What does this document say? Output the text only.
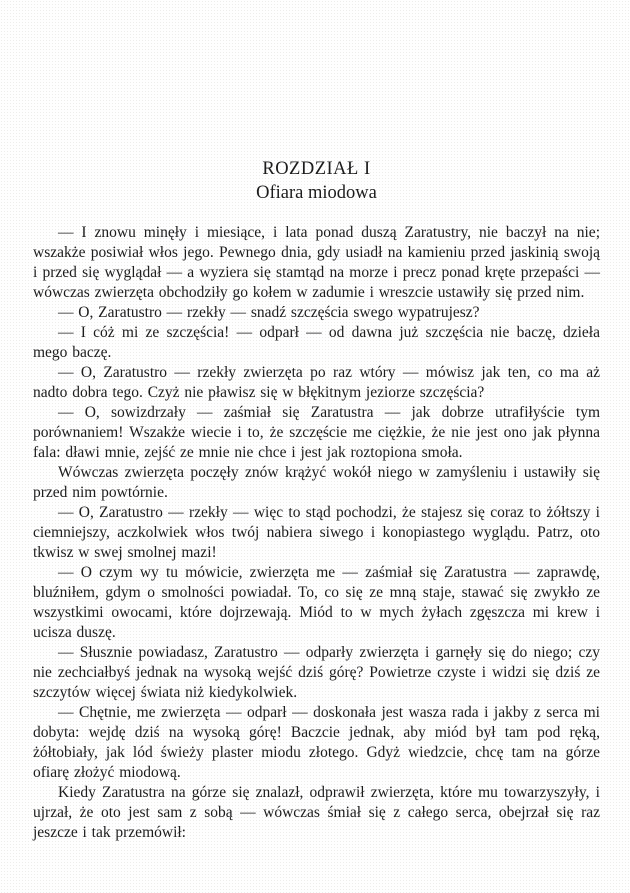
ROZDZIAŁ I
Ofiara miodowa

— I znowu minęły i miesiące, i lata ponad duszą Zaratustry, nie baczył na nie; wszakże posiwiał włos jego. Pewnego dnia, gdy usiadł na kamieniu przed jaskinią swoją i przed się wyglądał — a wyziera się stamtąd na morze i precz ponad kręte przepaści — wówczas zwierzęta obchodziły go kołem w zadumie i wreszcie ustawiły się przed nim.

— O, Zaratustro — rzekły — snadź szczęścia swego wypatrujesz?

— I cóż mi ze szczęścia! — odparł — od dawna już szczęścia nie baczę, dzieła mego baczę.

— O, Zaratustro — rzekły zwierzęta po raz wtóry — mówisz jak ten, co ma aż nadto dobra tego. Czyż nie pławisz się w błękitnym jeziorze szczęścia?

— O, sowizdrzały — zaśmiał się Zaratustra — jak dobrze utrafiłyście tym porównaniem! Wszakże wiecie i to, że szczęście me ciężkie, że nie jest ono jak płynna fala: dławi mnie, zejść ze mnie nie chce i jest jak roztopiona smoła.

Wówczas zwierzęta poczęły znów krążyć wokół niego w zamyśleniu i ustawiły się przed nim powtórnie.

— O, Zaratustro — rzekły — więc to stąd pochodzi, że stajesz się coraz to żółtszy i ciemniejszy, aczkolwiek włos twój nabiera siwego i konopiastego wyglądu. Patrz, oto tkwisz w swej smolnej mazi!

— O czym wy tu mówicie, zwierzęta me — zaśmiał się Zaratustra — zaprawdę, bluźniłem, gdym o smolności powiadał. To, co się ze mną staje, stawać się zwykło ze wszystkimi owocami, które dojrzewają. Miód to w mych żyłach zgęszcza mi krew i ucisza duszę.

— Słusznie powiadasz, Zaratustro — odparły zwierzęta i garnęły się do niego; czy nie zechciałbyś jednak na wysoką wejść dziś górę? Powietrze czyste i widzi się dziś ze szczytów więcej świata niż kiedykolwiek.

— Chętnie, me zwierzęta — odparł — doskonała jest wasza rada i jakby z serca mi dobyta: wejdę dziś na wysoką górę! Baczcie jednak, aby miód był tam pod ręką, żółtobiały, jak lód świeży plaster miodu złotego. Gdyż wiedzcie, chcę tam na górze ofiarę złożyć miodową.

Kiedy Zaratustra na górze się znalazł, odprawił zwierzęta, które mu towarzyszyły, i ujrzał, że oto jest sam z sobą — wówczas śmiał się z całego serca, obejrzał się raz jeszcze i tak przemówił:
